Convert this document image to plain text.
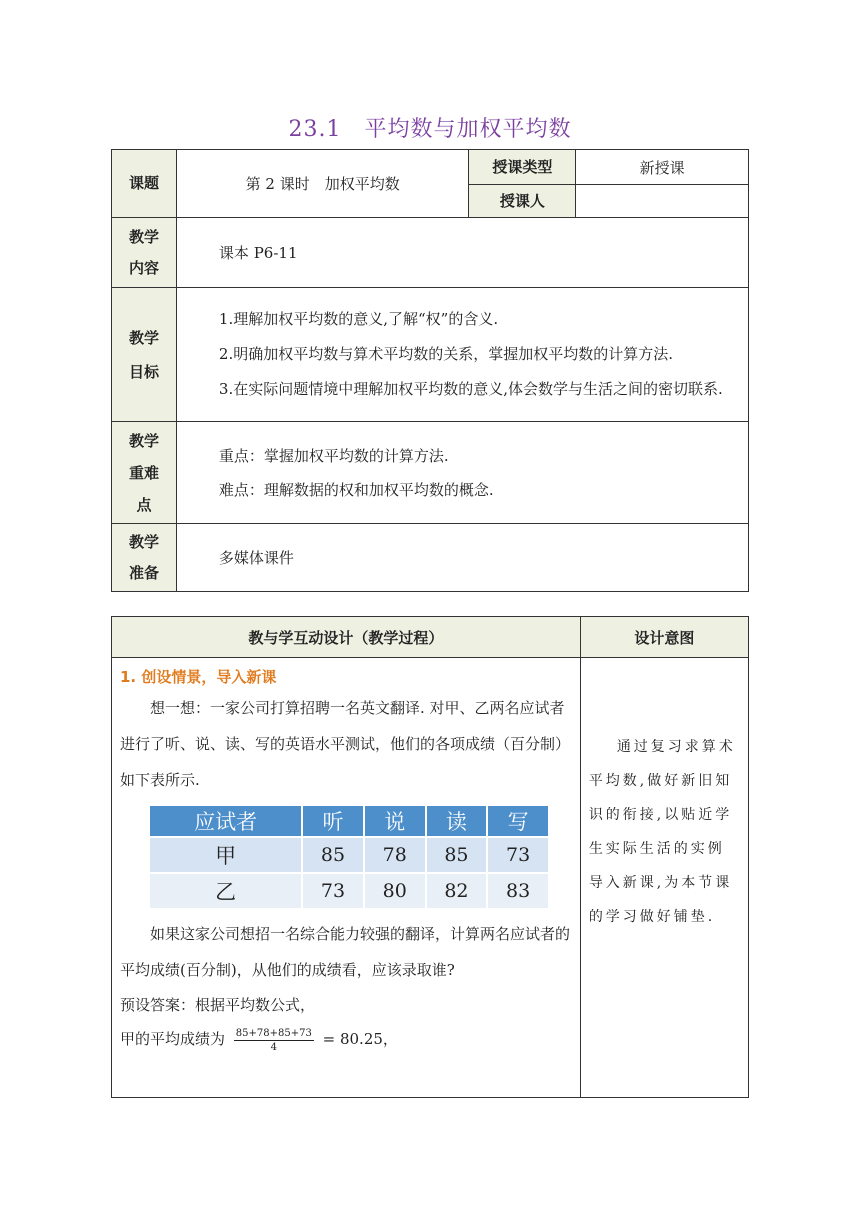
23.1　平均数与加权平均数
课题	第 2 课时　加权平均数	授课类型	新授课
		授课人	

教学内容	课本 P6-11		

教学目标	1.理解加权平均数的意义,了解“权”的含义.

2.明确加权平均数与算术平均数的关系，掌握加权平均数的计算方法.

3.在实际问题情境中理解加权平均数的意义,体会数学与生活之间的密切联系.		

教学重难点	重点：掌握加权平均数的计算方法.
难点：理解数据的权和加权平均数的概念.		

教学准备	多媒体课件		
教与学互动设计（教学过程）	设计意图

1. 创设情景，导入新课

想一想：一家公司打算招聘一名英文翻译. 对甲、乙两名应试者进行了听、说、读、写的英语水平测试，他们的各项成绩（百分制）如下表所示.

应试者	听	说	读	写
甲	85	78	85	73
乙	73	80	82	83

如果这家公司想招一名综合能力较强的翻译，计算两名应试者的平均成绩(百分制)，从他们的成绩看，应该录取谁?

预设答案：根据平均数公式，

甲的平均成绩为 $\frac{85+78+85+73}{4} = 80.25$，

通过复习求算术平均数,做好新旧知识的衔接,以贴近学生实际生活的实例导入新课,为本节课的学习做好铺垫.
